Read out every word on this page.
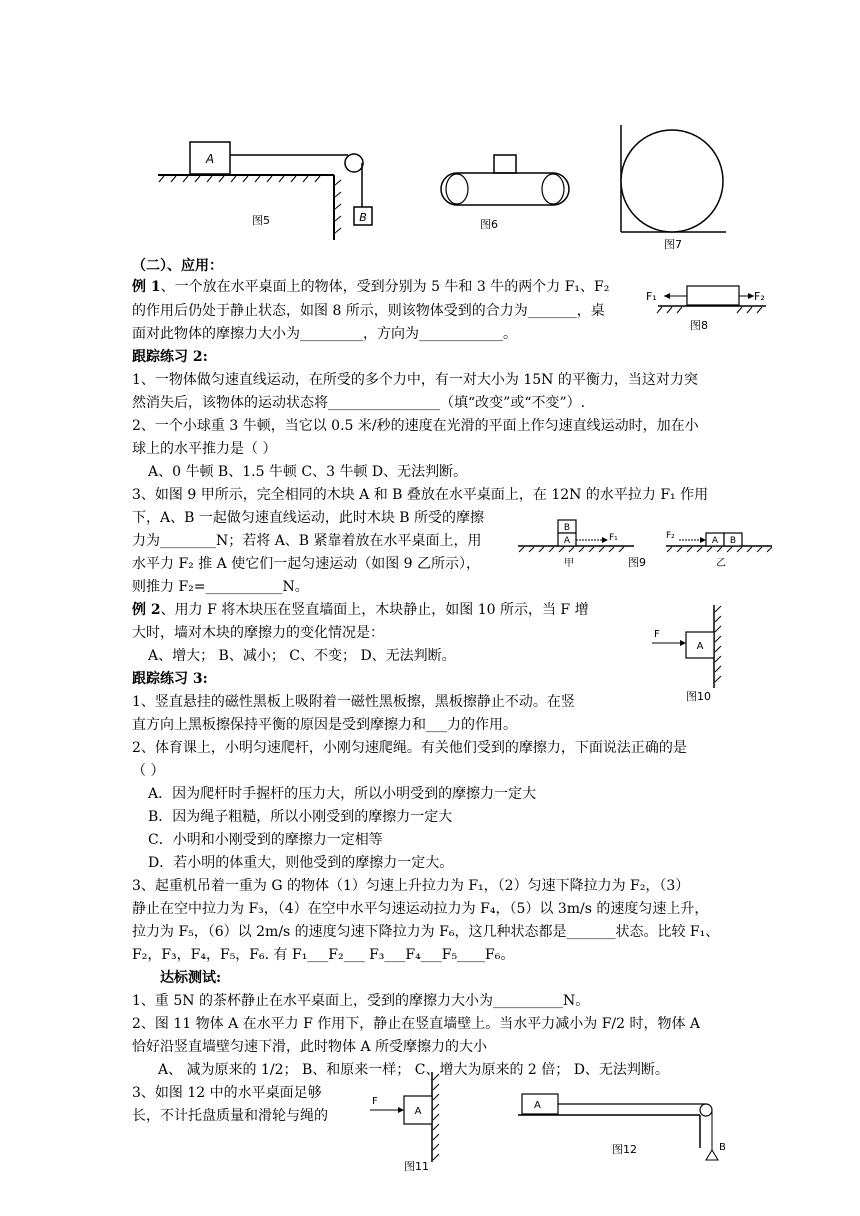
A
B
图5	图6
图7
（二）、应用：
例 1、一个放在水平桌面上的物体，受到分别为 5 牛和 3 牛的两个力 F₁、F₂
的作用后仍处于静止状态，如图 8 所示，则该物体受到的合力为_______，桌
面对此物体的摩擦力大小为_________，方向为____________。
F₁	F₂
图8
跟踪练习 2:
1、一物体做匀速直线运动，在所受的多个力中，有一对大小为 15N 的平衡力，当这对力突
然消失后，该物体的运动状态将________________（填“改变”或“不变”）.
2、一个小球重 3 牛顿，当它以 0.5 米/秒的速度在光滑的平面上作匀速直线运动时，加在小
球上的水平推力是（ ）
A、0 牛顿 B、1.5 牛顿 C、3 牛顿 D、无法判断。
3、如图 9 甲所示，完全相同的木块 A 和 B 叠放在水平桌面上，在 12N 的水平拉力 F₁ 作用
下，A、B 一起做匀速直线运动，此时木块 B 所受的摩擦
力为________N；若将 A、B 紧靠着放在水平桌面上，用
水平力 F₂ 推 A 使它们一起匀速运动（如图 9 乙所示），
则推力 F₂=___________N。
B
A	F₁
甲
F₂	A B
乙
图9
例 2、用力 F 将木块压在竖直墙面上，木块静止，如图 10 所示，当 F 增
大时，墙对木块的摩擦力的变化情况是：
A、增大； B、减小； C、不变； D、无法判断。
A
F
图10
跟踪练习 3:
1、竖直悬挂的磁性黑板上吸附着一磁性黑板擦，黑板擦静止不动。在竖
直方向上黑板擦保持平衡的原因是受到摩擦力和___力的作用。
2、体育课上，小明匀速爬杆，小刚匀速爬绳。有关他们受到的摩擦力，下面说法正确的是
（ ）
A．因为爬杆时手握杆的压力大，所以小明受到的摩擦力一定大
B．因为绳子粗糙，所以小刚受到的摩擦力一定大
C．小明和小刚受到的摩擦力一定相等
D．若小明的体重大，则他受到的摩擦力一定大。
3、起重机吊着一重为 G 的物体（1）匀速上升拉力为 F₁，（2）匀速下降拉力为 F₂，（3）
静止在空中拉力为 F₃，（4）在空中水平匀速运动拉力为 F₄，（5）以 3m/s 的速度匀速上升，
拉力为 F₅，（6）以 2m/s 的速度匀速下降拉力为 F₆，这几种状态都是_______状态。比较 F₁、
F₂，F₃，F₄，F₅，F₆. 有 F₁___F₂___ F₃___F₄___F₅____F₆。
达标测试:
1、重 5N 的茶杯静止在水平桌面上，受到的摩擦力大小为__________N。
2、图 11 物体 A 在水平力 F 作用下，静止在竖直墙壁上。当水平力减小为 F/2 时，物体 A
恰好沿竖直墙壁匀速下滑，此时物体 A 所受摩擦力的大小
A、 减为原来的 1/2； B、和原来一样； C、增大为原来的 2 倍； D、无法判断。
3、如图 12 中的水平桌面足够
长，不计托盘质量和滑轮与绳的	A
F
图11
A
B
图12
